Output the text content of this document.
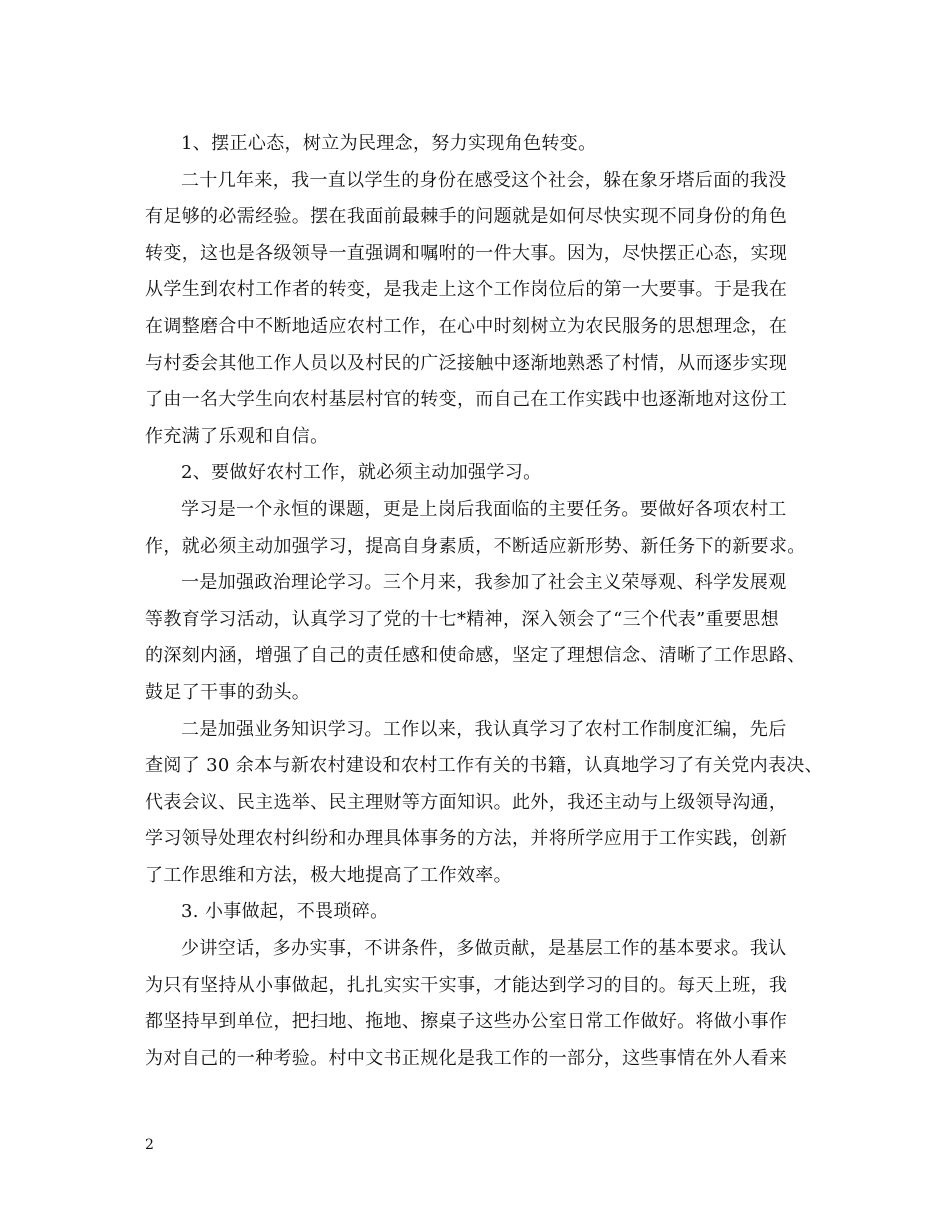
1、摆正心态，树立为民理念，努力实现角色转变。
二十几年来，我一直以学生的身份在感受这个社会，躲在象牙塔后面的我没
有足够的必需经验。摆在我面前最棘手的问题就是如何尽快实现不同身份的角色
转变，这也是各级领导一直强调和嘱咐的一件大事。因为，尽快摆正心态，实现
从学生到农村工作者的转变，是我走上这个工作岗位后的第一大要事。于是我在
在调整磨合中不断地适应农村工作，在心中时刻树立为农民服务的思想理念，在
与村委会其他工作人员以及村民的广泛接触中逐渐地熟悉了村情，从而逐步实现
了由一名大学生向农村基层村官的转变，而自己在工作实践中也逐渐地对这份工
作充满了乐观和自信。
2、要做好农村工作，就必须主动加强学习。
学习是一个永恒的课题，更是上岗后我面临的主要任务。要做好各项农村工
作，就必须主动加强学习，提高自身素质，不断适应新形势、新任务下的新要求。
一是加强政治理论学习。三个月来，我参加了社会主义荣辱观、科学发展观
等教育学习活动，认真学习了党的十七*精神，深入领会了“三个代表”重要思想
的深刻内涵，增强了自己的责任感和使命感，坚定了理想信念、清晰了工作思路、
鼓足了干事的劲头。
二是加强业务知识学习。工作以来，我认真学习了农村工作制度汇编，先后
查阅了 30 余本与新农村建设和农村工作有关的书籍，认真地学习了有关党内表决、
代表会议、民主选举、民主理财等方面知识。此外，我还主动与上级领导沟通，
学习领导处理农村纠纷和办理具体事务的方法，并将所学应用于工作实践，创新
了工作思维和方法，极大地提高了工作效率。
3. 小事做起，不畏琐碎。
少讲空话，多办实事，不讲条件，多做贡献，是基层工作的基本要求。我认
为只有坚持从小事做起，扎扎实实干实事，才能达到学习的目的。每天上班，我
都坚持早到单位，把扫地、拖地、擦桌子这些办公室日常工作做好。将做小事作
为对自己的一种考验。村中文书正规化是我工作的一部分，这些事情在外人看来
2
